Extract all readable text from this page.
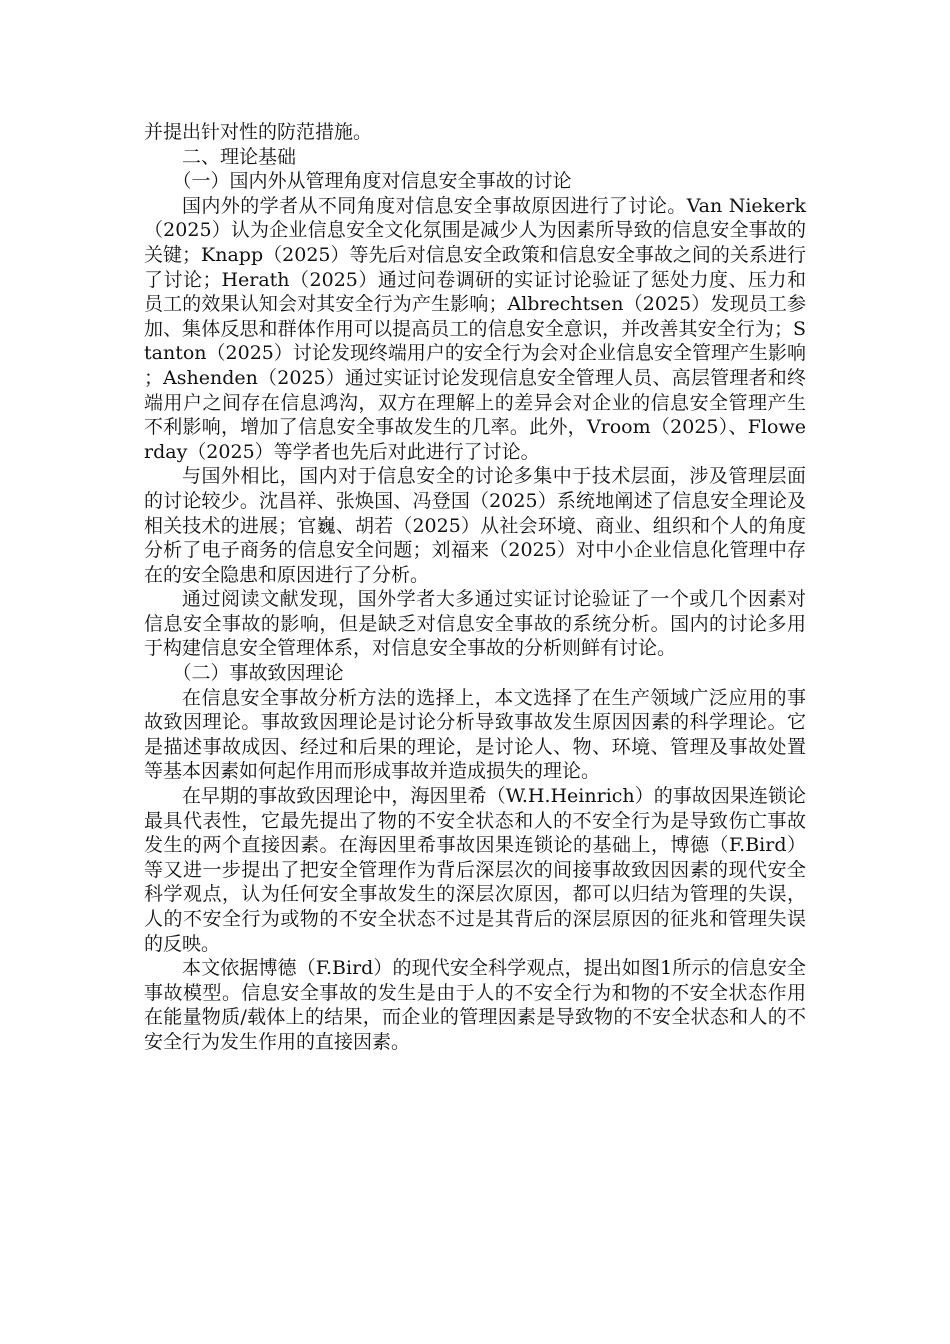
并提出针对性的防范措施。

二、理论基础

（一）国内外从管理角度对信息安全事故的讨论

国内外的学者从不同角度对信息安全事故原因进行了讨论。Van Niekerk（2025）认为企业信息安全文化氛围是减少人为因素所导致的信息安全事故的关键；Knapp（2025）等先后对信息安全政策和信息安全事故之间的关系进行了讨论；Herath（2025）通过问卷调研的实证讨论验证了惩处力度、压力和员工的效果认知会对其安全行为产生影响；Albrechtsen（2025）发现员工参加、集体反思和群体作用可以提高员工的信息安全意识，并改善其安全行为；Stanton（2025）讨论发现终端用户的安全行为会对企业信息安全管理产生影响；Ashenden（2025）通过实证讨论发现信息安全管理人员、高层管理者和终端用户之间存在信息鸿沟，双方在理解上的差异会对企业的信息安全管理产生不利影响，增加了信息安全事故发生的几率。此外，Vroom（2025）、Flowerday（2025）等学者也先后对此进行了讨论。

与国外相比，国内对于信息安全的讨论多集中于技术层面，涉及管理层面的讨论较少。沈昌祥、张焕国、冯登国（2025）系统地阐述了信息安全理论及相关技术的进展；官巍、胡若（2025）从社会环境、商业、组织和个人的角度分析了电子商务的信息安全问题；刘福来（2025）对中小企业信息化管理中存在的安全隐患和原因进行了分析。

通过阅读文献发现，国外学者大多通过实证讨论验证了一个或几个因素对信息安全事故的影响，但是缺乏对信息安全事故的系统分析。国内的讨论多用于构建信息安全管理体系，对信息安全事故的分析则鲜有讨论。

（二）事故致因理论

在信息安全事故分析方法的选择上，本文选择了在生产领域广泛应用的事故致因理论。事故致因理论是讨论分析导致事故发生原因因素的科学理论。它是描述事故成因、经过和后果的理论，是讨论人、物、环境、管理及事故处置等基本因素如何起作用而形成事故并造成损失的理论。

在早期的事故致因理论中，海因里希（W.H.Heinrich）的事故因果连锁论最具代表性，它最先提出了物的不安全状态和人的不安全行为是导致伤亡事故发生的两个直接因素。在海因里希事故因果连锁论的基础上，博德（F.Bird）等又进一步提出了把安全管理作为背后深层次的间接事故致因因素的现代安全科学观点，认为任何安全事故发生的深层次原因，都可以归结为管理的失误，人的不安全行为或物的不安全状态不过是其背后的深层原因的征兆和管理失误的反映。

本文依据博德（F.Bird）的现代安全科学观点，提出如图1所示的信息安全事故模型。信息安全事故的发生是由于人的不安全行为和物的不安全状态作用在能量物质/载体上的结果，而企业的管理因素是导致物的不安全状态和人的不安全行为发生作用的直接因素。
